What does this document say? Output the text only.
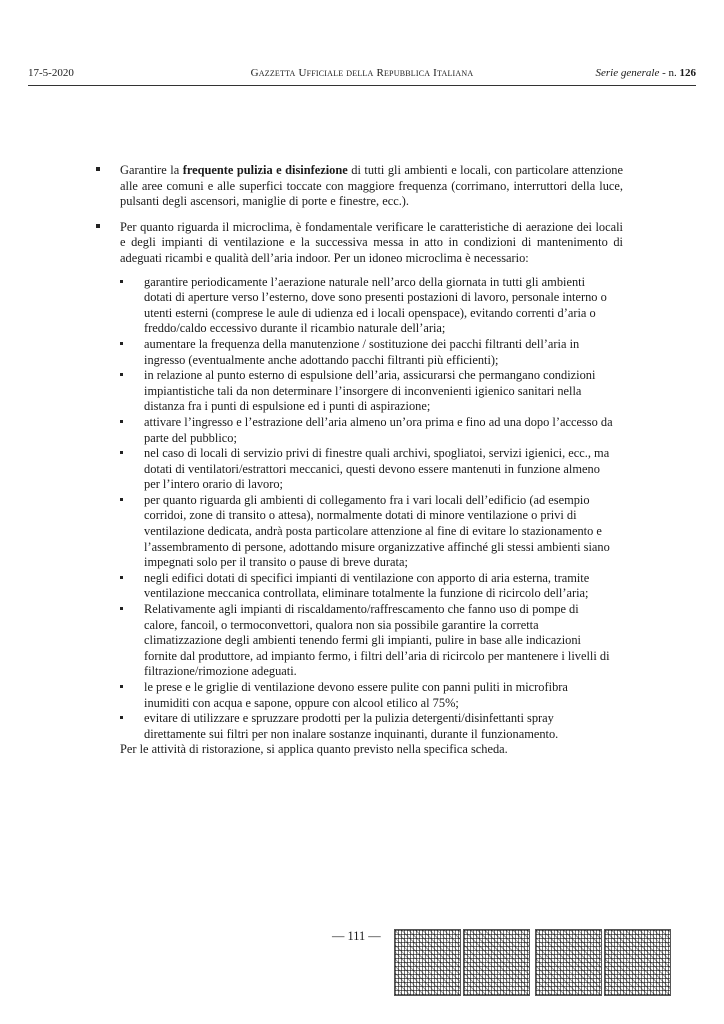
17-5-2020	Gazzetta Ufficiale della Repubblica Italiana	Serie generale - n. 126
Garantire la frequente pulizia e disinfezione di tutti gli ambienti e locali, con particolare attenzione alle aree comuni e alle superfici toccate con maggiore frequenza (corrimano, interruttori della luce, pulsanti degli ascensori, maniglie di porte e finestre, ecc.).
Per quanto riguarda il microclima, è fondamentale verificare le caratteristiche di aerazione dei locali e degli impianti di ventilazione e la successiva messa in atto in condizioni di mantenimento di adeguati ricambi e qualità dell’aria indoor. Per un idoneo microclima è necessario:
garantire periodicamente l’aerazione naturale nell’arco della giornata in tutti gli ambienti dotati di aperture verso l’esterno, dove sono presenti postazioni di lavoro, personale interno o utenti esterni (comprese le aule di udienza ed i locali openspace), evitando correnti d’aria o freddo/caldo eccessivo durante il ricambio naturale dell’aria;
aumentare la frequenza della manutenzione / sostituzione dei pacchi filtranti dell’aria in ingresso (eventualmente anche adottando pacchi filtranti più efficienti);
in relazione al punto esterno di espulsione dell’aria, assicurarsi che permangano condizioni impiantistiche tali da non determinare l’insorgere di inconvenienti igienico sanitari nella distanza fra i punti di espulsione ed i punti di aspirazione;
attivare l’ingresso e l’estrazione dell’aria almeno un’ora prima e fino ad una dopo l’accesso da parte del pubblico;
nel caso di locali di servizio privi di finestre quali archivi, spogliatoi, servizi igienici, ecc., ma dotati di ventilatori/estrattori meccanici, questi devono essere mantenuti in funzione almeno per l’intero orario di lavoro;
per quanto riguarda gli ambienti di collegamento fra i vari locali dell’edificio (ad esempio corridoi, zone di transito o attesa), normalmente dotati di minore ventilazione o privi di ventilazione dedicata, andrà posta particolare attenzione al fine di evitare lo stazionamento e l’assembramento di persone, adottando misure organizzative affinché gli stessi ambienti siano impegnati solo per il transito o pause di breve durata;
negli edifici dotati di specifici impianti di ventilazione con apporto di aria esterna, tramite ventilazione meccanica controllata, eliminare totalmente la funzione di ricircolo dell’aria;
Relativamente agli impianti di riscaldamento/raffrescamento che fanno uso di pompe di calore, fancoil, o termoconvettori, qualora non sia possibile garantire la corretta climatizzazione degli ambienti tenendo fermi gli impianti, pulire in base alle indicazioni fornite dal produttore, ad impianto fermo, i filtri dell’aria di ricircolo per mantenere i livelli di filtrazione/rimozione adeguati.
le prese e le griglie di ventilazione devono essere pulite con panni puliti in microfibra inumiditi con acqua e sapone, oppure con alcool etilico al 75%;
evitare di utilizzare e spruzzare prodotti per la pulizia detergenti/disinfettanti spray direttamente sui filtri per non inalare sostanze inquinanti, durante il funzionamento.
Per le attività di ristorazione, si applica quanto previsto nella specifica scheda.
— 111 —
